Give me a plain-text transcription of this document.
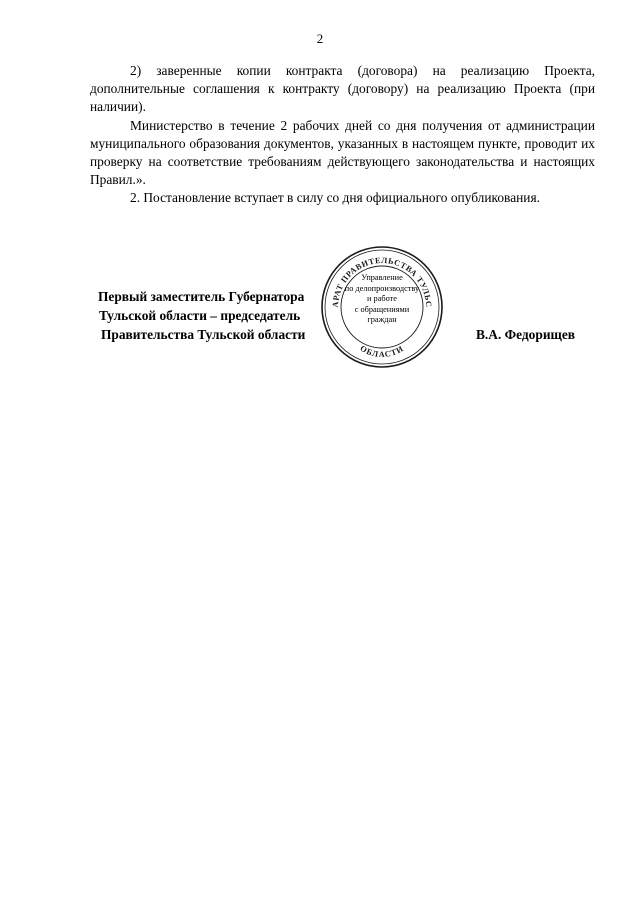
2

2) заверенные копии контракта (договора) на реализацию Проекта, дополнительные соглашения к контракту (договору) на реализацию Проекта (при наличии).

Министерство в течение 2 рабочих дней со дня получения от администрации муниципального образования документов, указанных в настоящем пункте, проводит их проверку на соответствие требованиям действующего законодательства и настоящих Правил.».

2. Постановление вступает в силу со дня официального опубликования.

Первый заместитель Губернатора
Тульской области – председатель
Правительства Тульской области	В.А. Федорищев
АРАТ ПРАВИТЕЛЬСТВА ТУЛЬС
ОБЛАСТИ
Управление
по делопроизводству
и работе
с обращениями
граждан
